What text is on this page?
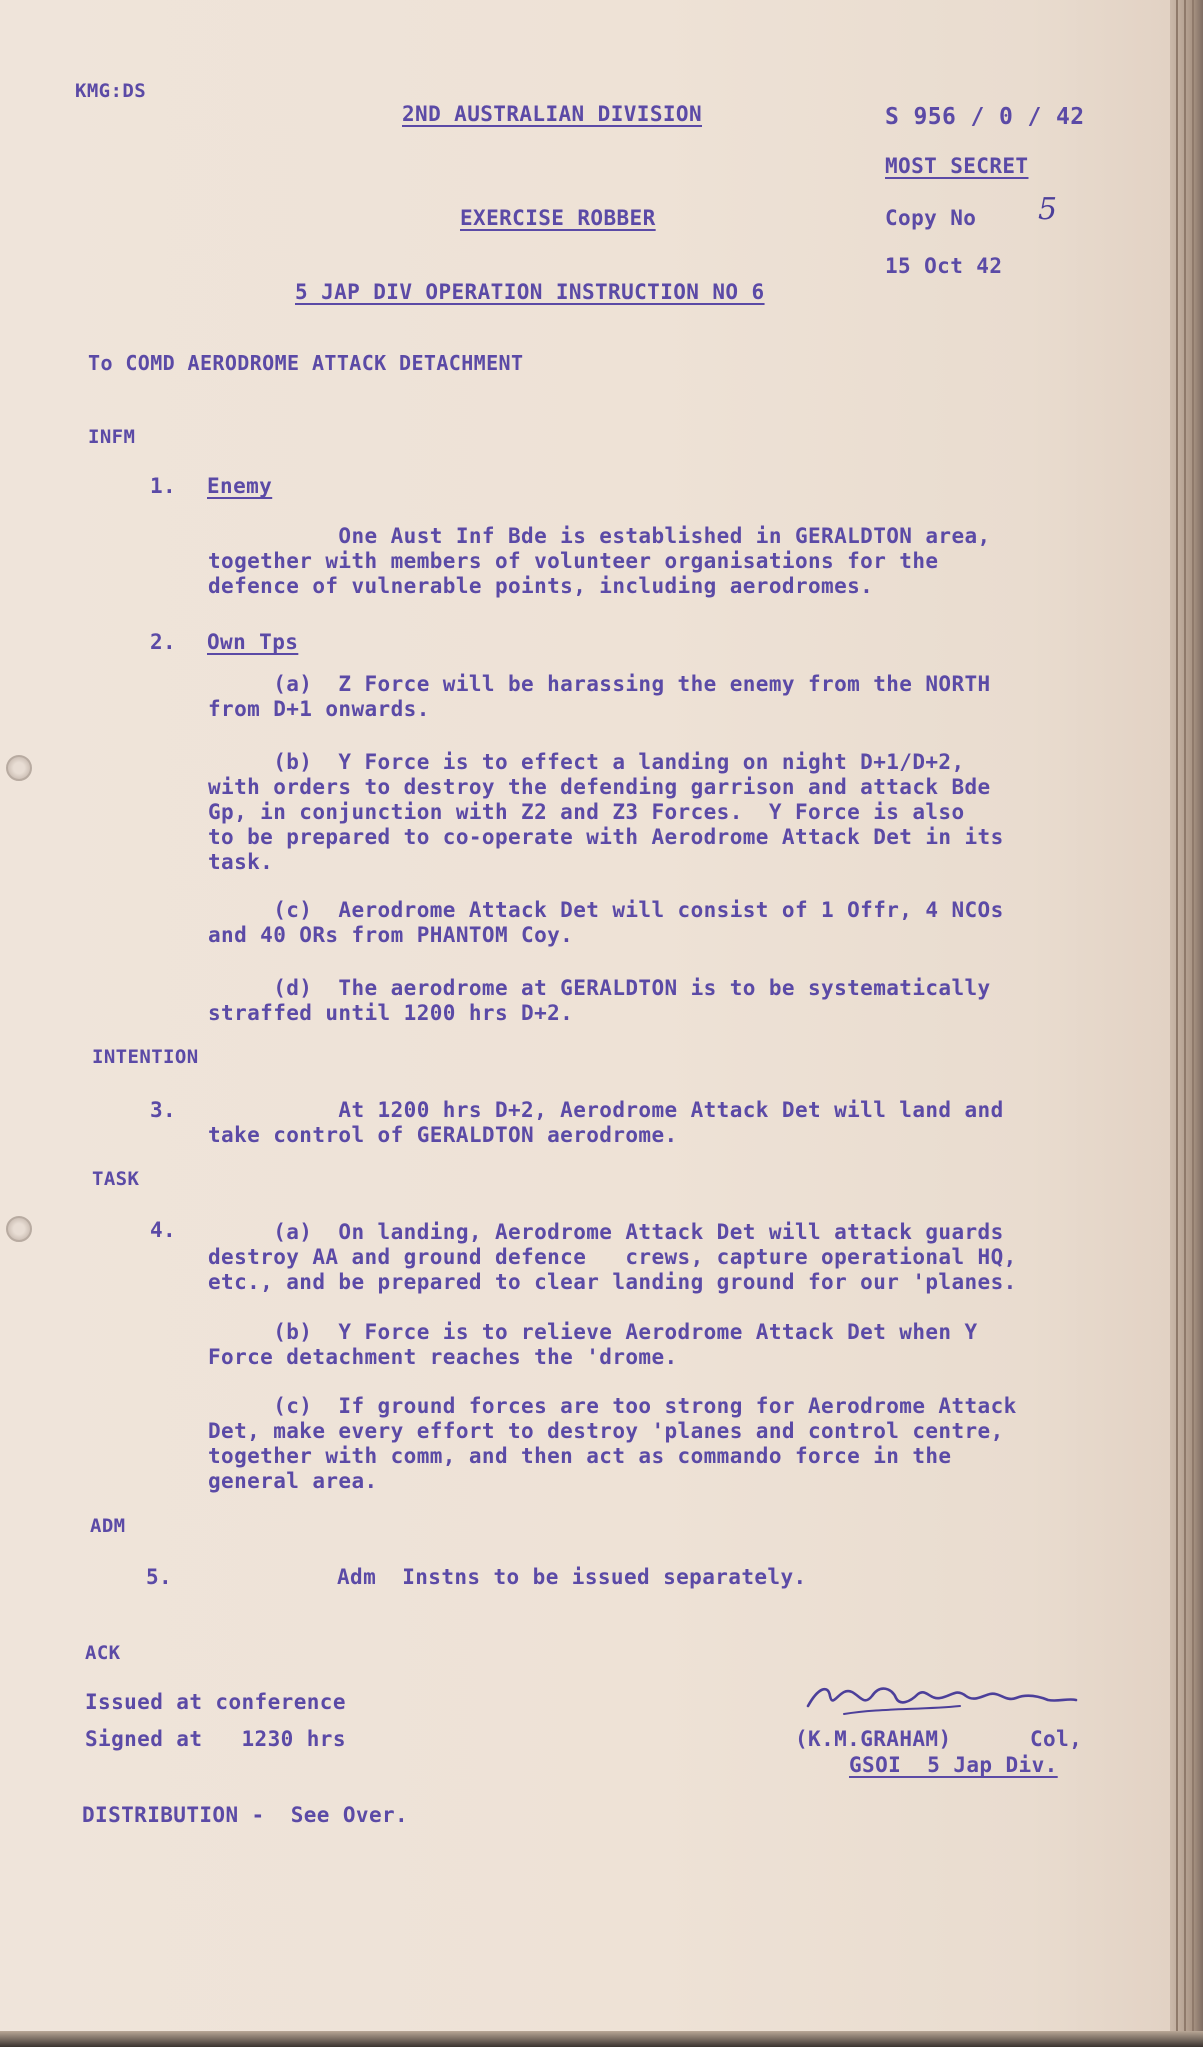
KMG:DS
2ND AUSTRALIAN DIVISION	S 956 / 0 / 42
MOST SECRET
EXERCISE ROBBER	Copy No 5
15 Oct 42
5 JAP DIV OPERATION INSTRUCTION NO 6
To COMD AERODROME ATTACK DETACHMENT
INFM
1. Enemy
One Aust Inf Bde is established in GERALDTON area,
together with members of volunteer organisations for the
defence of vulnerable points, including aerodromes.
2. Own Tps
(a)  Z Force will be harassing the enemy from the NORTH
from D+1 onwards.
(b)  Y Force is to effect a landing on night D+1/D+2,
with orders to destroy the defending garrison and attack Bde
Gp, in conjunction with Z2 and Z3 Forces.  Y Force is also
to be prepared to co-operate with Aerodrome Attack Det in its
task.
(c)  Aerodrome Attack Det will consist of 1 Offr, 4 NCOs
and 40 ORs from PHANTOM Coy.
(d)  The aerodrome at GERALDTON is to be systematically
straffed until 1200 hrs D+2.
INTENTION
3. At 1200 hrs D+2, Aerodrome Attack Det will land and
take control of GERALDTON aerodrome.
TASK
4. (a)  On landing, Aerodrome Attack Det will attack guards
destroy AA and ground defence   crews, capture operational HQ,
etc., and be prepared to clear landing ground for our 'planes.
(b)  Y Force is to relieve Aerodrome Attack Det when Y
Force detachment reaches the 'drome.
(c)  If ground forces are too strong for Aerodrome Attack
Det, make every effort to destroy 'planes and control centre,
together with comm, and then act as commando force in the
general area.
ADM
5.	Adm  Instns to be issued separately.
ACK
Issued at conference
Signed at   1230 hrs	(K.M.GRAHAM)	Col,
GSOI  5 Jap Div.
DISTRIBUTION -  See Over.
